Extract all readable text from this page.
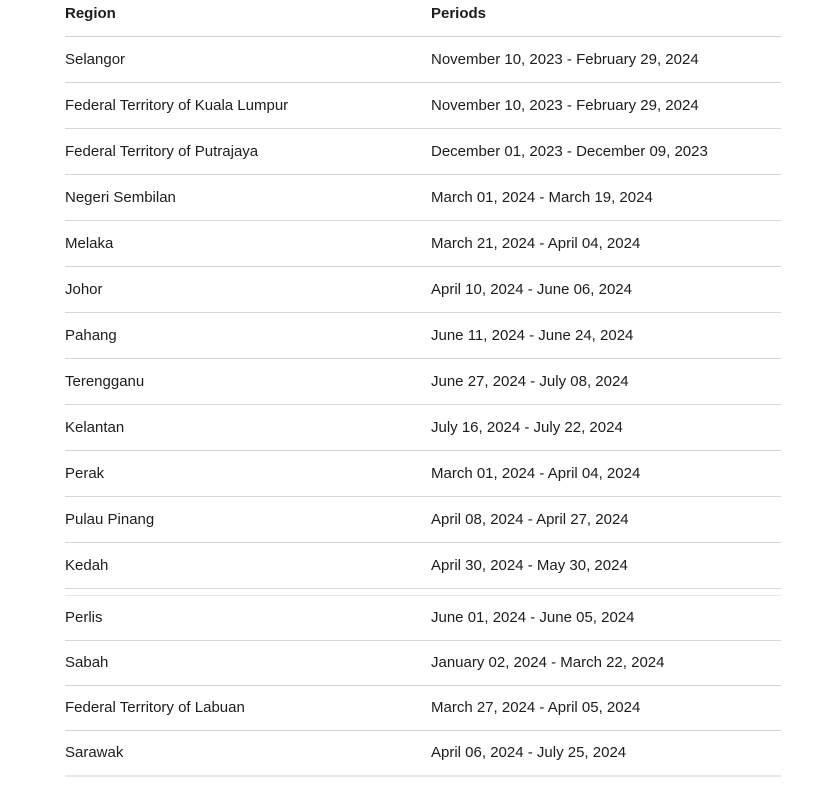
Region	Periods
Selangor	November 10, 2023 - February 29, 2024
Federal Territory of Kuala Lumpur	November 10, 2023 - February 29, 2024
Federal Territory of Putrajaya	December 01, 2023 - December 09, 2023
Negeri Sembilan	March 01, 2024 - March 19, 2024
Melaka	March 21, 2024 - April 04, 2024
Johor	April 10, 2024 - June 06, 2024
Pahang	June 11, 2024 - June 24, 2024
Terengganu	June 27, 2024 - July 08, 2024
Kelantan	July 16, 2024 - July 22, 2024
Perak	March 01, 2024 - April 04, 2024
Pulau Pinang	April 08, 2024 - April 27, 2024
Kedah	April 30, 2024 - May 30, 2024
Perlis	June 01, 2024 - June 05, 2024
Sabah	January 02, 2024 - March 22, 2024
Federal Territory of Labuan	March 27, 2024 - April 05, 2024
Sarawak	April 06, 2024 - July 25, 2024
